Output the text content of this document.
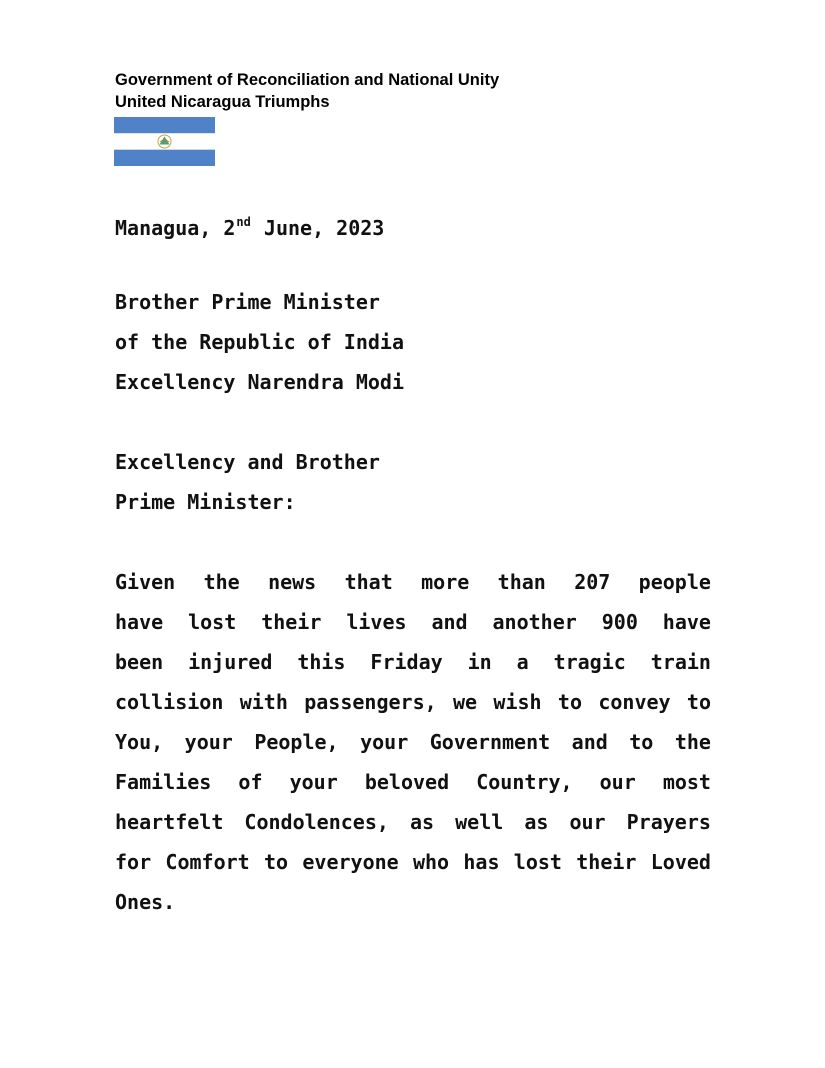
Government of Reconciliation and National Unity
United Nicaragua Triumphs
Managua, 2nd June, 2023
Brother Prime Minister
of the Republic of India
Excellency Narendra Modi
Excellency and Brother
Prime Minister:
Given the news that more than 207 people
have lost their lives and another 900 have
been injured this Friday in a tragic train
collision with passengers, we wish to convey to
You, your People, your Government and to the
Families of your beloved Country, our most
heartfelt Condolences, as well as our Prayers
for Comfort to everyone who has lost their Loved
Ones.
